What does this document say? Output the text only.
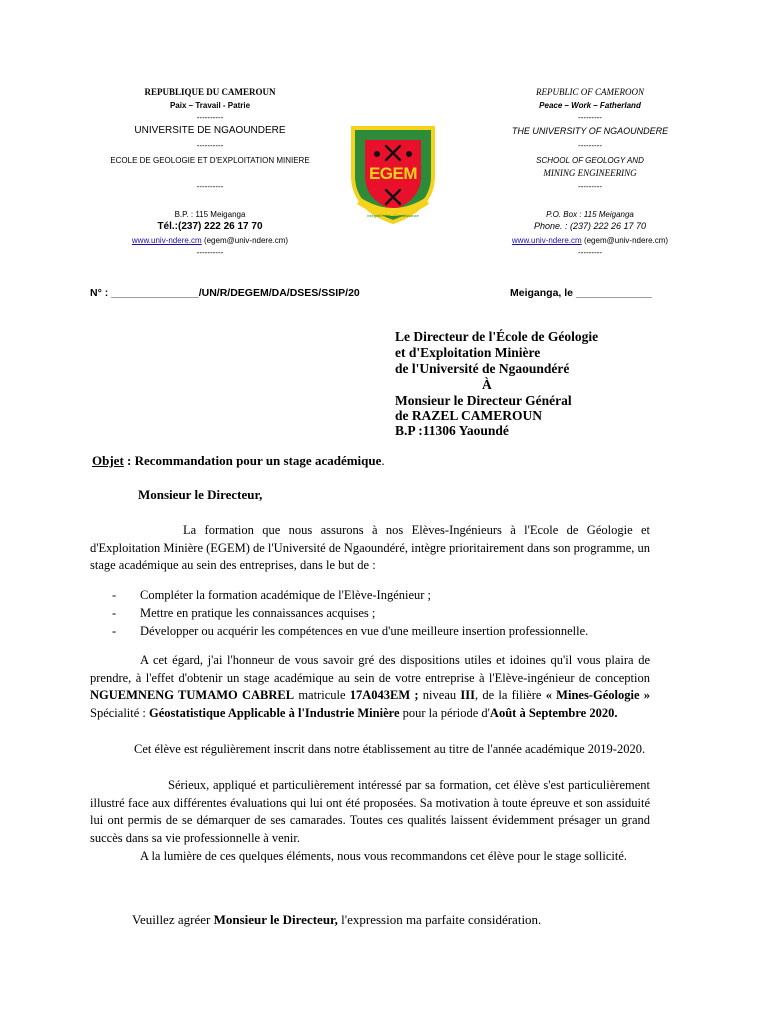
REPUBLIQUE DU CAMEROUN
Paix – Travail - Patrie
----------
UNIVERSITE DE NGAOUNDERE
----------
ECOLE DE GEOLOGIE ET D'EXPLOITATION MINIERE
----------
B.P. : 115 Meiganga
Tél.:(237) 222 26 17 70
www.univ-ndere.cm (egem@univ-ndere.cm)
----------
EGEM
Intégrité - Art - Connaissance
REPUBLIC OF CAMEROON
Peace – Work – Fatherland
---------
THE UNIVERSITY OF NGAOUNDERE
---------
SCHOOL OF GEOLOGY AND
MINING ENGINEERING
---------
P.O. Box : 115 Meiganga
Phone. : (237) 222 26 17 70
www.univ-ndere.cm (egem@univ-ndere.cm)
---------
N° : _______________/UN/R/DEGEM/DA/DSES/SSIP/20	Meiganga, le _____________
Le Directeur de l'École de Géologie
et d'Exploitation Minière
de l'Université de Ngaoundéré
À
Monsieur le Directeur Général
de RAZEL CAMEROUN
B.P :11306 Yaoundé
Objet : Recommandation pour un stage académique.
Monsieur le Directeur,
La formation que nous assurons à nos Elèves-Ingénieurs à l'Ecole de Géologie et d'Exploitation Minière (EGEM) de l'Université de Ngaoundéré, intègre prioritairement dans son programme, un stage académique au sein des entreprises, dans le but de :
- Compléter la formation académique de l'Elève-Ingénieur ;
- Mettre en pratique les connaissances acquises ;
- Développer ou acquérir les compétences en vue d'une meilleure insertion professionnelle.
A cet égard, j'ai l'honneur de vous savoir gré des dispositions utiles et idoines qu'il vous plaira de prendre, à l'effet d'obtenir un stage académique au sein de votre entreprise à l'Elève-ingénieur de conception NGUEMNENG TUMAMO CABREL matricule 17A043EM ; niveau III, de la filière « Mines-Géologie » Spécialité : Géostatistique Applicable à l'Industrie Minière pour la période d'Août à Septembre 2020.
Cet élève est régulièrement inscrit dans notre établissement au titre de l'année académique 2019-2020.
Sérieux, appliqué et particulièrement intéressé par sa formation, cet élève s'est particulièrement illustré face aux différentes évaluations qui lui ont été proposées. Sa motivation à toute épreuve et son assiduité lui ont permis de se démarquer de ses camarades. Toutes ces qualités laissent évidemment présager un grand succès dans sa vie professionnelle à venir.
A la lumière de ces quelques éléments, nous vous recommandons cet élève pour le stage sollicité.
Veuillez agréer Monsieur le Directeur, l'expression ma parfaite considération.
